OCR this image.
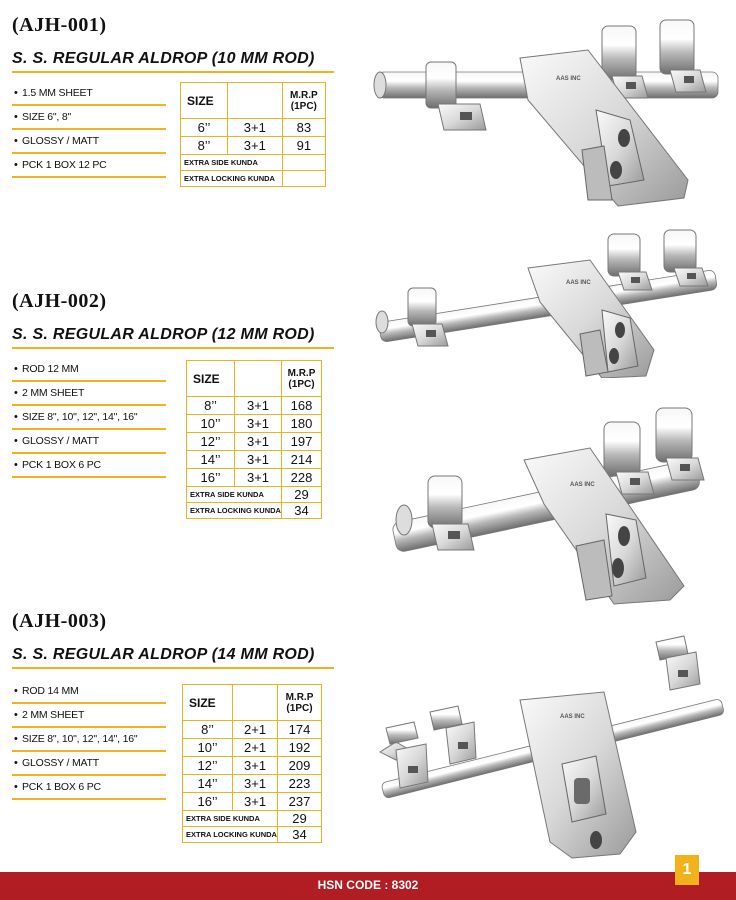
(AJH-001)
S. S. REGULAR ALDROP (10 MM ROD)
• 1.5 MM SHEET
• SIZE 6", 8"
• GLOSSY / MATT
• PCK 1 BOX 12 PC
SIZE		M.R.P
(1PC)

6’’	3+1	83
8’’	3+1	91
EXTRA SIDE KUNDA		
EXTRA LOCKING KUNDA		
AAS INC
(AJH-002)
S. S. REGULAR ALDROP (12 MM ROD)
• ROD 12 MM
• 2 MM SHEET
• SIZE 8", 10", 12", 14", 16"
• GLOSSY / MATT
• PCK 1 BOX 6 PC
SIZE		M.R.P
(1PC)

8’’	3+1	168
10’’	3+1	180
12’’	3+1	197
14’’	3+1	214
16’’	3+1	228
EXTRA SIDE KUNDA		29
EXTRA LOCKING KUNDA		34
AAS INC
AAS INC
(AJH-003)
S. S. REGULAR ALDROP (14 MM ROD)
• ROD 14 MM
• 2 MM SHEET
• SIZE 8", 10", 12", 14", 16"
• GLOSSY / MATT
• PCK 1 BOX 6 PC
SIZE		M.R.P
(1PC)

8’’	2+1	174
10’’	2+1	192
12’’	3+1	209
14’’	3+1	223
16’’	3+1	237
EXTRA SIDE KUNDA		29
EXTRA LOCKING KUNDA		34
AAS INC
HSN CODE : 8302
1
